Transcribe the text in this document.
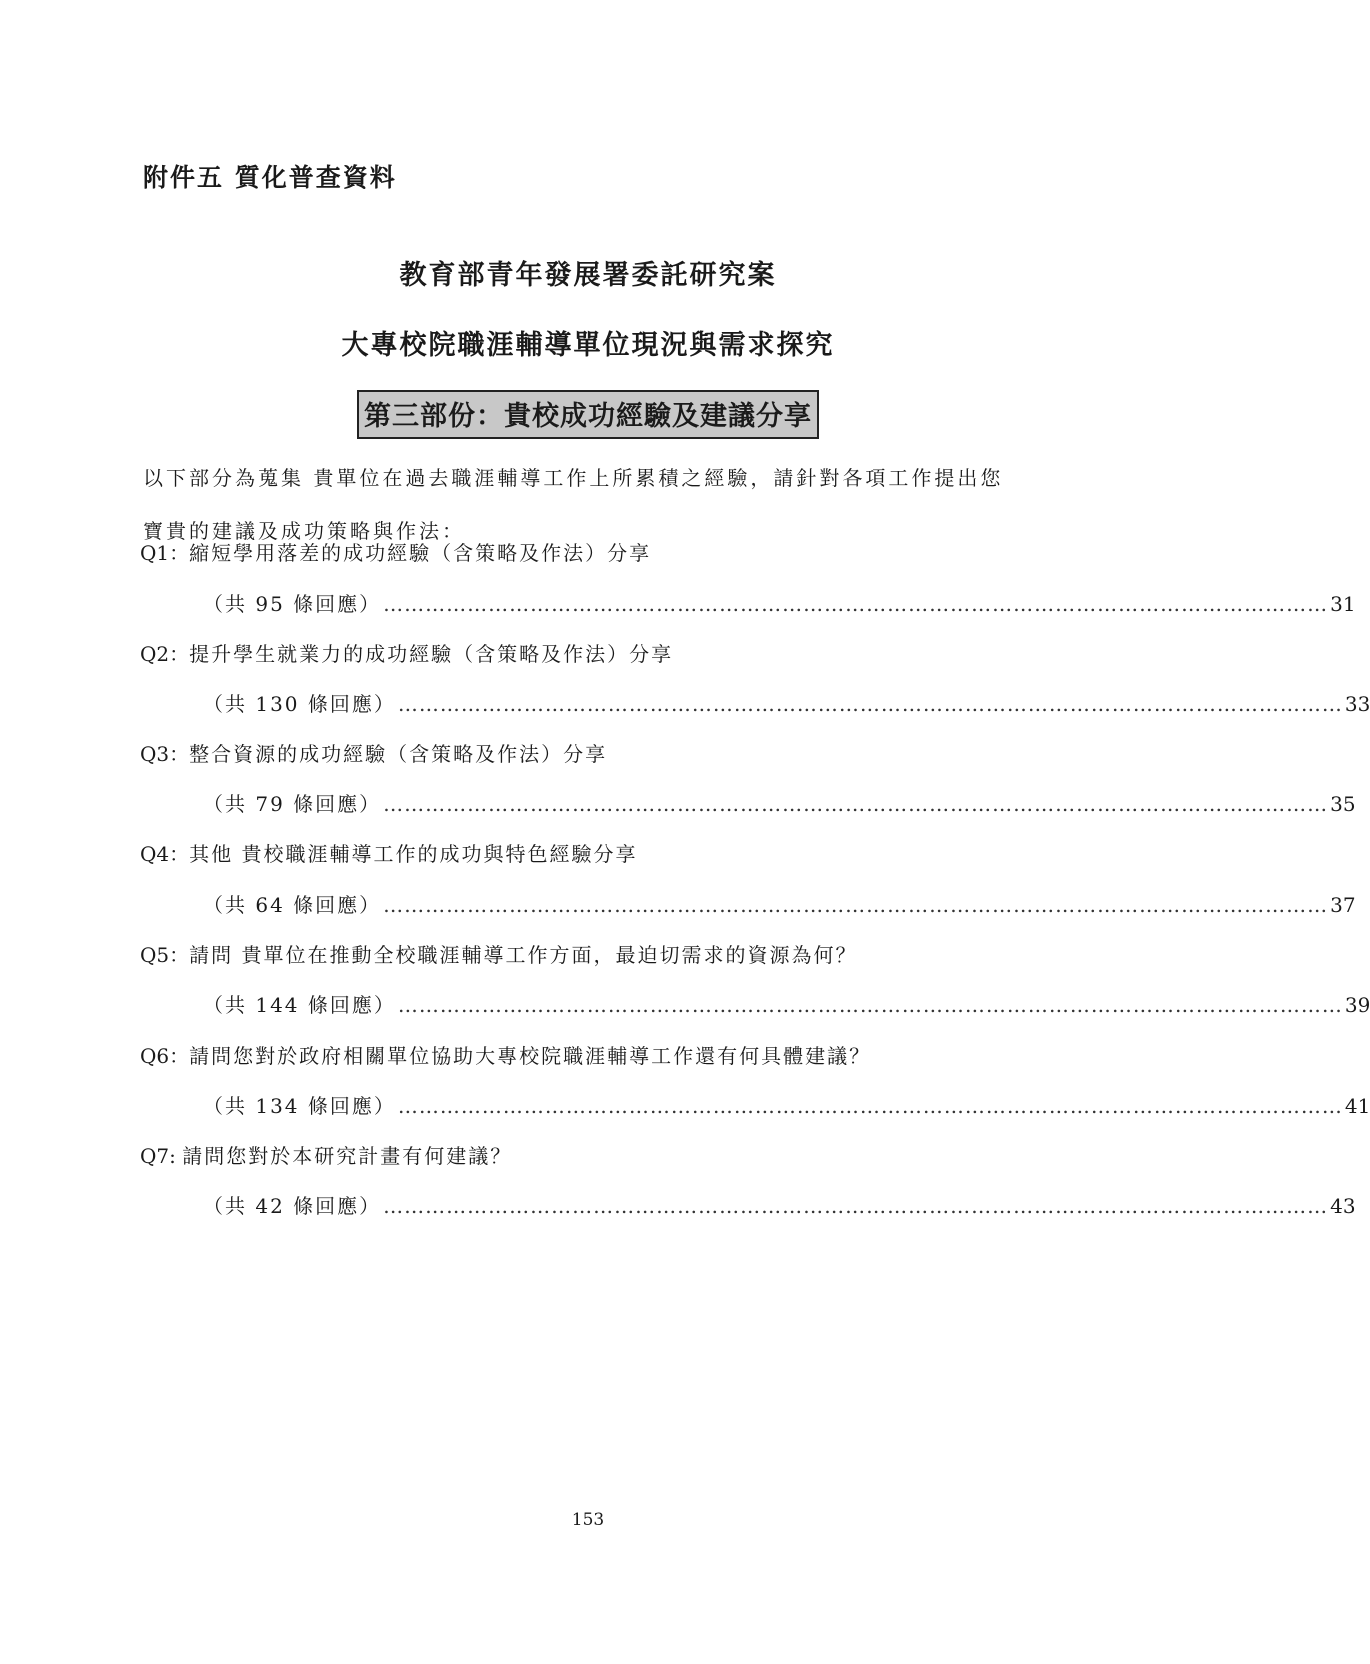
附件五 質化普查資料
教育部青年發展署委託研究案
大專校院職涯輔導單位現況與需求探究
第三部份：貴校成功經驗及建議分享
以下部分為蒐集 貴單位在過去職涯輔導工作上所累積之經驗，請針對各項工作提出您
寶貴的建議及成功策略與作法：
Q1：縮短學用落差的成功經驗（含策略及作法）分享
（共 95 條回應） ……………………………………………………………………………………………………………………… 31
Q2：提升學生就業力的成功經驗（含策略及作法）分享
（共 130 條回應） ……………………………………………………………………………………………………………………… 33
Q3：整合資源的成功經驗（含策略及作法）分享
（共 79 條回應） ……………………………………………………………………………………………………………………… 35
Q4：其他 貴校職涯輔導工作的成功與特色經驗分享
（共 64 條回應） ……………………………………………………………………………………………………………………… 37
Q5：請問 貴單位在推動全校職涯輔導工作方面，最迫切需求的資源為何？
（共 144 條回應） ……………………………………………………………………………………………………………………… 39
Q6：請問您對於政府相關單位協助大專校院職涯輔導工作還有何具體建議？
（共 134 條回應） ……………………………………………………………………………………………………………………… 41
Q7: 請問您對於本研究計畫有何建議？
（共 42 條回應） ……………………………………………………………………………………………………………………… 43
153
